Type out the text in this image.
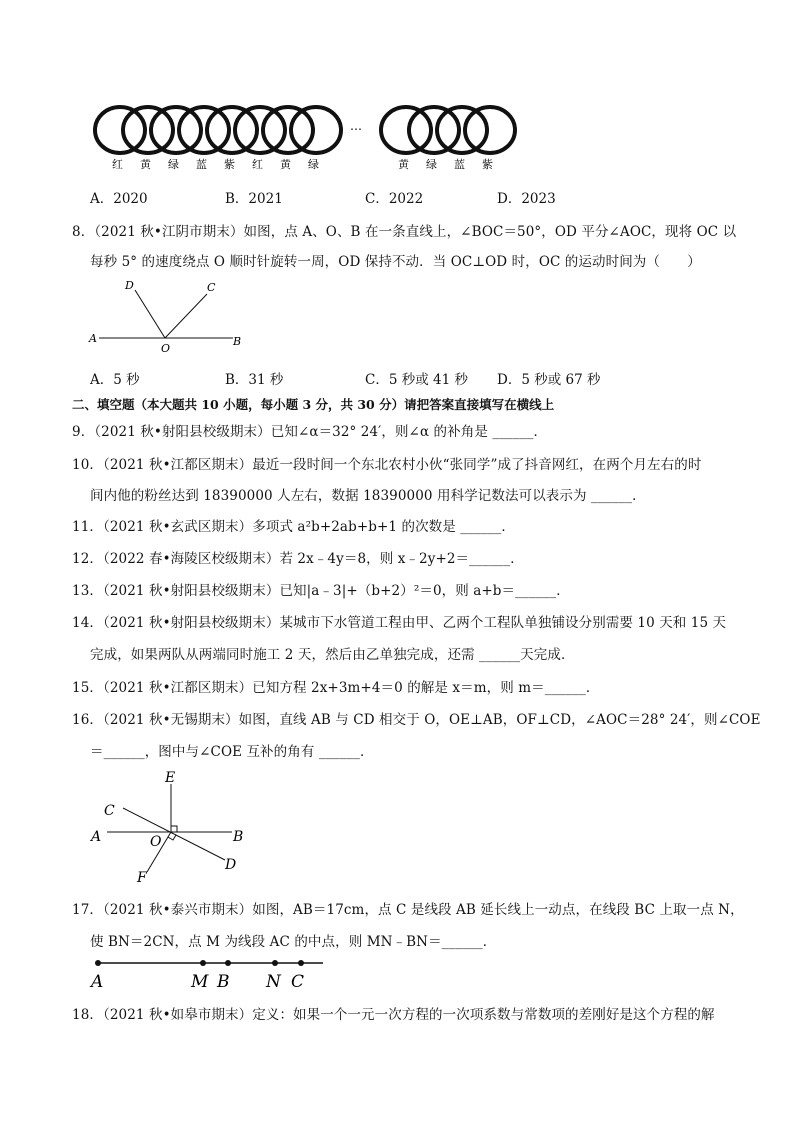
…
红 黄 绿 蓝 紫 红 黄 绿	黄 绿 蓝 紫
A．2020	B．2021	C．2022	D．2023
8．（2021 秋•江阴市期末）如图，点 A、O、B 在一条直线上，∠BOC＝50°，OD 平分∠AOC，现将 OC 以
每秒 5° 的速度绕点 O 顺时针旋转一周，OD 保持不动．当 OC⊥OD 时，OC 的运动时间为（　　）
A
O
B
D	C
A．5 秒	B．31 秒	C．5 秒或 41 秒 D．5 秒或 67 秒
二、填空题（本大题共 10 小题，每小题 3 分，共 30 分）请把答案直接填写在横线上
9．（2021 秋•射阳县校级期末）已知∠α＝32° 24′，则∠α 的补角是 ______．
10．（2021 秋•江都区期末）最近一段时间一个东北农村小伙“张同学”成了抖音网红，在两个月左右的时
间内他的粉丝达到 18390000 人左右，数据 18390000 用科学记数法可以表示为 ______．
11．（2021 秋•玄武区期末）多项式 a²b+2ab+b+1 的次数是 ______．
12．（2022 春•海陵区校级期末）若 2x﹣4y＝8，则 x﹣2y+2＝______．
13．（2021 秋•射阳县校级期末）已知|a﹣3|+（b+2）²＝0，则 a+b＝______．
14．（2021 秋•射阳县校级期末）某城市下水管道工程由甲、乙两个工程队单独铺设分别需要 10 天和 15 天
完成，如果两队从两端同时施工 2 天，然后由乙单独完成，还需 ______天完成．
15．（2021 秋•江都区期末）已知方程 2x+3m+4＝0 的解是 x＝m，则 m＝______．
16．（2021 秋•无锡期末）如图，直线 AB 与 CD 相交于 O，OE⊥AB，OF⊥CD，∠AOC＝28° 24′，则∠COE
＝______，图中与∠COE 互补的角有 ______．
E
C
A	O	B
D
F
17．（2021 秋•泰兴市期末）如图，AB＝17cm，点 C 是线段 AB 延长线上一动点，在线段 BC 上取一点 N，
使 BN＝2CN，点 M 为线段 AC 的中点，则 MN﹣BN＝______．
A	M B N C
18．（2021 秋•如皋市期末）定义：如果一个一元一次方程的一次项系数与常数项的差刚好是这个方程的解
